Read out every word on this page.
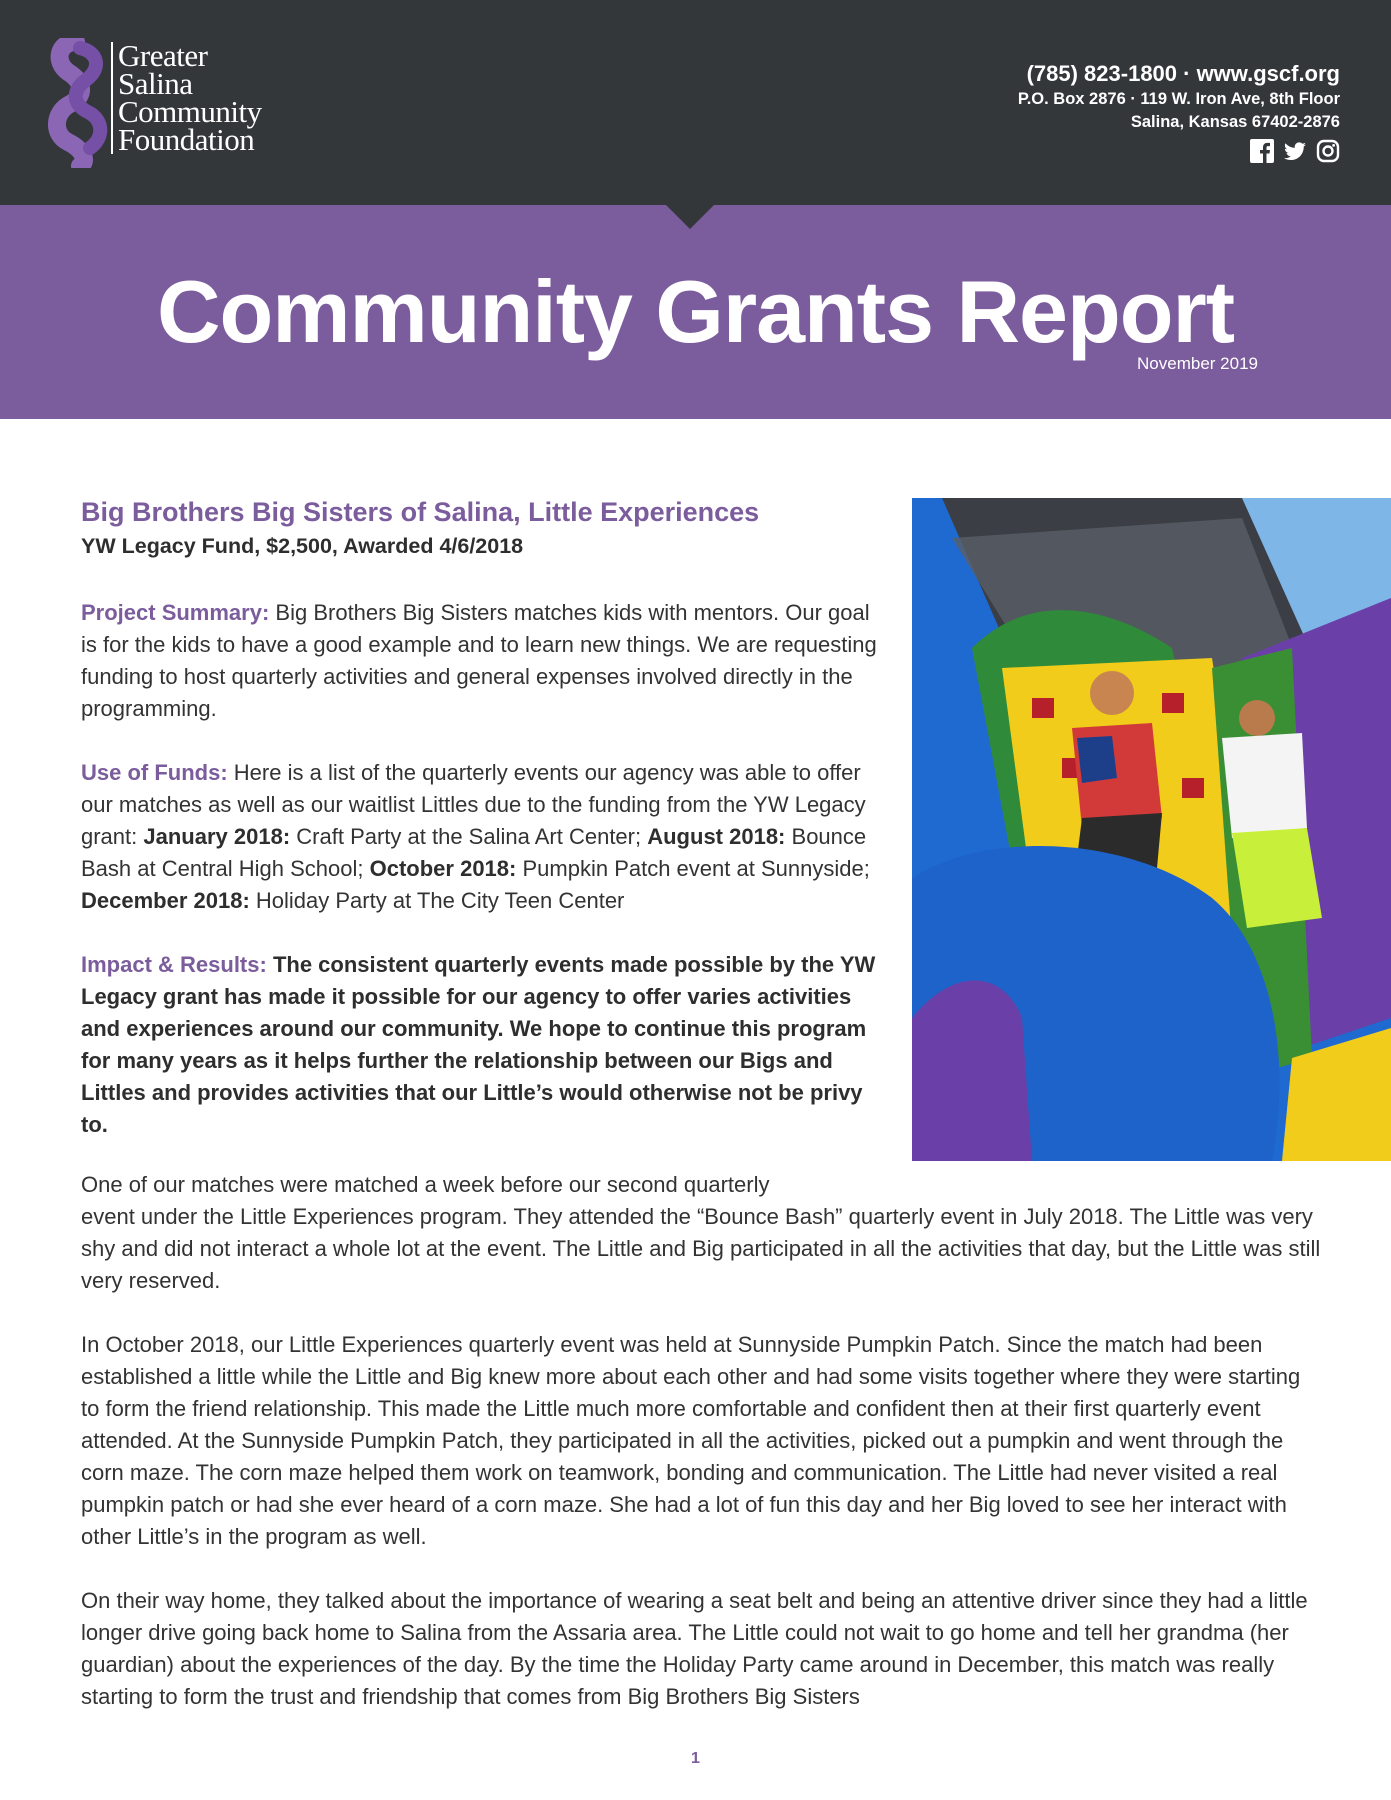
Greater
Salina
Community
Foundation
(785) 823-1800 · www.gscf.org
P.O. Box 2876 · 119 W. Iron Ave, 8th Floor
Salina, Kansas 67402-2876
Community Grants Report
November 2019
Big Brothers Big Sisters of Salina, Little Experiences
YW Legacy Fund, $2,500, Awarded 4/6/2018
Project Summary: Big Brothers Big Sisters matches kids with mentors. Our goal is for the kids to have a good example and to learn new things. We are requesting funding to host quarterly activities and general expenses involved directly in the programming.
Use of Funds: Here is a list of the quarterly events our agency was able to offer our matches as well as our waitlist Littles due to the funding from the YW Legacy grant: January 2018: Craft Party at the Salina Art Center; August 2018: Bounce Bash at Central High School; October 2018: Pumpkin Patch event at Sunnyside; December 2018: Holiday Party at The City Teen Center
Impact & Results: The consistent quarterly events made possible by the YW Legacy grant has made it possible for our agency to offer varies activities and experiences around our community. We hope to continue this program for many years as it helps further the relationship between our Bigs and Littles and provides activities that our Little’s would otherwise not be privy to.
One of our matches were matched a week before our second quarterly
event under the Little Experiences program. They attended the “Bounce Bash” quarterly event in July 2018. The Little was very shy and did not interact a whole lot at the event. The Little and Big participated in all the activities that day, but the Little was still very reserved.
In October 2018, our Little Experiences quarterly event was held at Sunnyside Pumpkin Patch. Since the match had been established a little while the Little and Big knew more about each other and had some visits together where they were starting to form the friend relationship. This made the Little much more comfortable and confident then at their first quarterly event attended. At the Sunnyside Pumpkin Patch, they participated in all the activities, picked out a pumpkin and went through the corn maze. The corn maze helped them work on teamwork, bonding and communication. The Little had never visited a real pumpkin patch or had she ever heard of a corn maze. She had a lot of fun this day and her Big loved to see her interact with other Little’s in the program as well.
On their way home, they talked about the importance of wearing a seat belt and being an attentive driver since they had a little longer drive going back home to Salina from the Assaria area. The Little could not wait to go home and tell her grandma (her guardian) about the experiences of the day. By the time the Holiday Party came around in December, this match was really starting to form the trust and friendship that comes from Big Brothers Big Sisters
1
